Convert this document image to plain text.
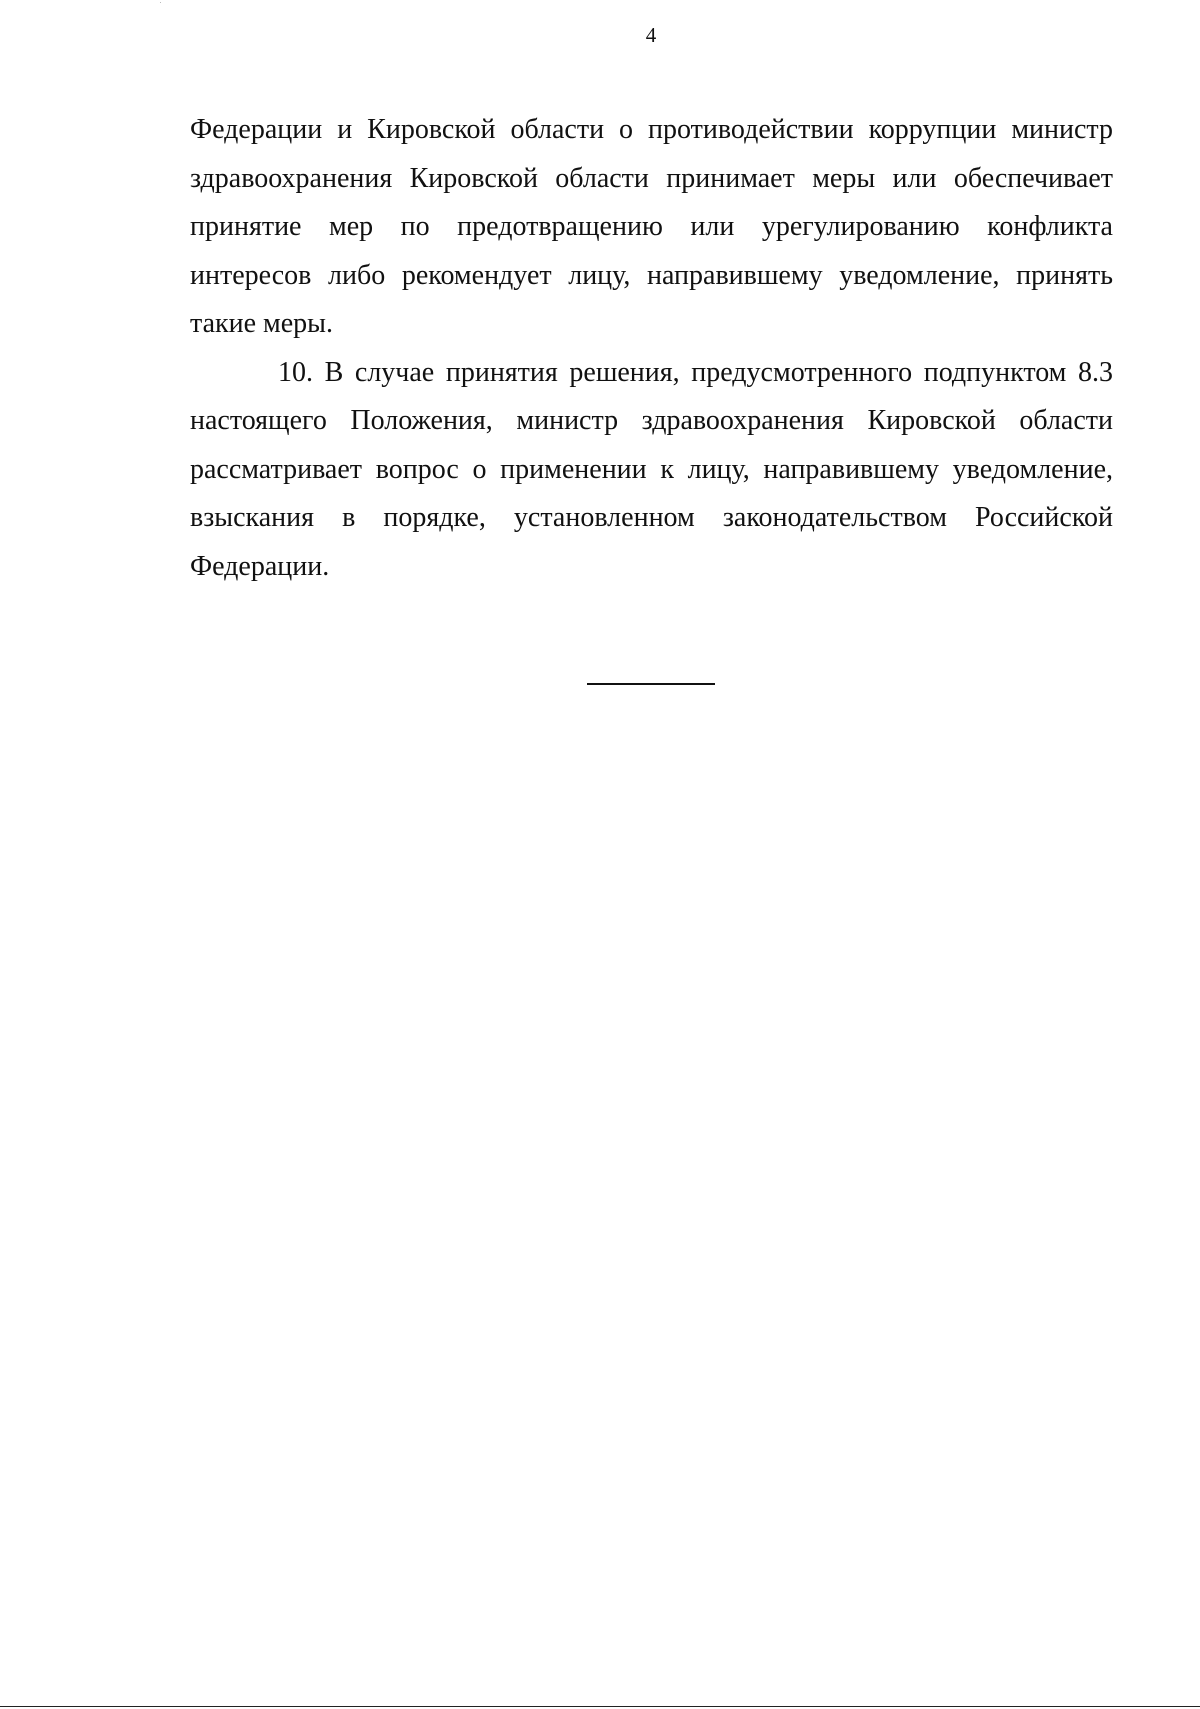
4

Федерации и Кировской области о противодействии коррупции министр здравоохранения Кировской области принимает меры или обеспечивает принятие мер по предотвращению или урегулированию конфликта интересов либо рекомендует лицу, направившему уведомление, принять такие меры.

10. В случае принятия решения, предусмотренного подпунктом 8.3 настоящего Положения, министр здравоохранения Кировской области рассматривает вопрос о применении к лицу, направившему уведомление, взыскания в порядке, установленном законодательством Российской Федерации.
